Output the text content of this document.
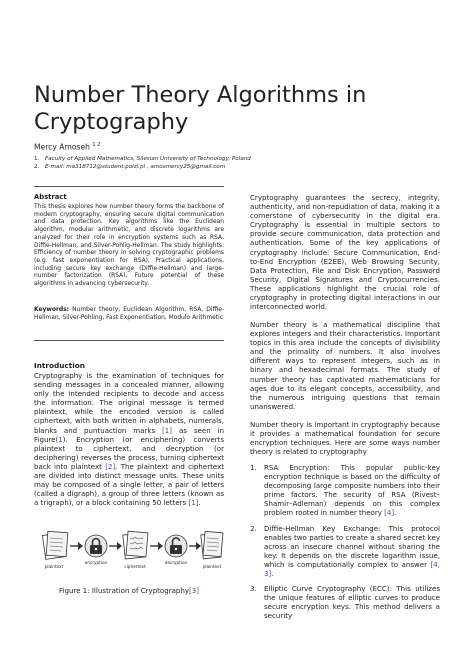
Number Theory Algorithms in Cryptography
Mercy Amoseh $^{1 2}$
1. Faculty of Applied Mathematics, Silesian University of Technology, Poland
2. E-mail: ma318712@student.polsl.pl , amosmercy25@gmail.com
Abstract
This thesis explores how number theory forms the backbone of modern cryptography, ensuring secure digital communication and data protection. Key algorithms like the Euclidean algorithm, modular arithmetic, and discrete logarithms are analyzed for their role in encryption systems such as RSA, Diffie-Hellman, and Silver-Pohlig-Hellman. The study highlights: Efficiency of number theory in solving cryptographic problems (e.g. fast exponentiation for RSA), Practical applications, including secure key exchange (Diffie-Hellman) and large-number factorization (RSA), Future potential of these algorithms in advancing cybersecurity.
Keywords: Number theory, Euclidean Algorithm, RSA, Diffie-Hellman, Silver-Pohling, Fast Exponentiation, Modulo Arithmetic
Introduction
Cryptography is the examination of techniques for sending messages in a concealed manner, allowing only the intended recipients to decode and access the information. The original message is termed plaintext, while the encoded version is called ciphertext, with both written in alphabets, numerals, blanks and puntuaction marks [1] as seen in Figure(1). Encryption (or enciphering) converts plaintext to ciphertext, and decryption (or deciphering) reverses the process, turning ciphertext back into plaintext [2]. The plaintext and ciphertext are divided into distinct message units. These units may be composed of a single letter, a pair of letters (called a digraph), a group of three letters (known as a trigraph), or a block containing 50 letters [1].
plaintext
encryption
ciphertext
decryption
plaintext
Figure 1: Illustration of Cryptography[3]
Cryptography guarantees the secrecy, integrity, authenticity, and non-repudiation of data, making it a cornerstone of cybersecurity in the digital era. Cryptography is essential in multiple sectors to provide secure communication, data protection and authentication. Some of the key applications of cryptography include: Secure Communication, End-to-End Encryption (E2EE), Web Browsing Security, Data Protection, File and Disk Encryption, Password Security, Digital Signatures and Cryptocurrencies. These applications highlight the crucial role of cryptography in protecting digital interactions in our interconnected world.
Number theory is a mathematical discipline that explores integers and their characteristics. Important topics in this area include the concepts of divisibility and the primality of numbers. It also involves different ways to represent integers, such as in binary and hexadecimal formats. The study of number theory has captivated mathematicians for ages due to its elegant concepts, accessibility, and the numerous intriguing questions that remain unanswered.
Number theory is important in cryptography because it provides a mathematical foundation for secure encryption techniques. Here are some ways number theory is related to cryptography
1. RSA Encryption: This popular public-key encryption technique is based on the difficulty of decomposing large composite numbers into their prime factors. The security of RSA (Rivest–Shamir–Adleman) depends on this complex problem rooted in number theory [4].
2. Diffie-Hellman Key Exchange: This protocol enables two parties to create a shared secret key across an insecure channel without sharing the key. It depends on the discrete logarithm issue, which is computationally complex to answer [4, 3].
3. Elliptic Curve Cryptography (ECC): This utilizes the unique features of elliptic curves to produce secure encryption keys. This method delivers a security
